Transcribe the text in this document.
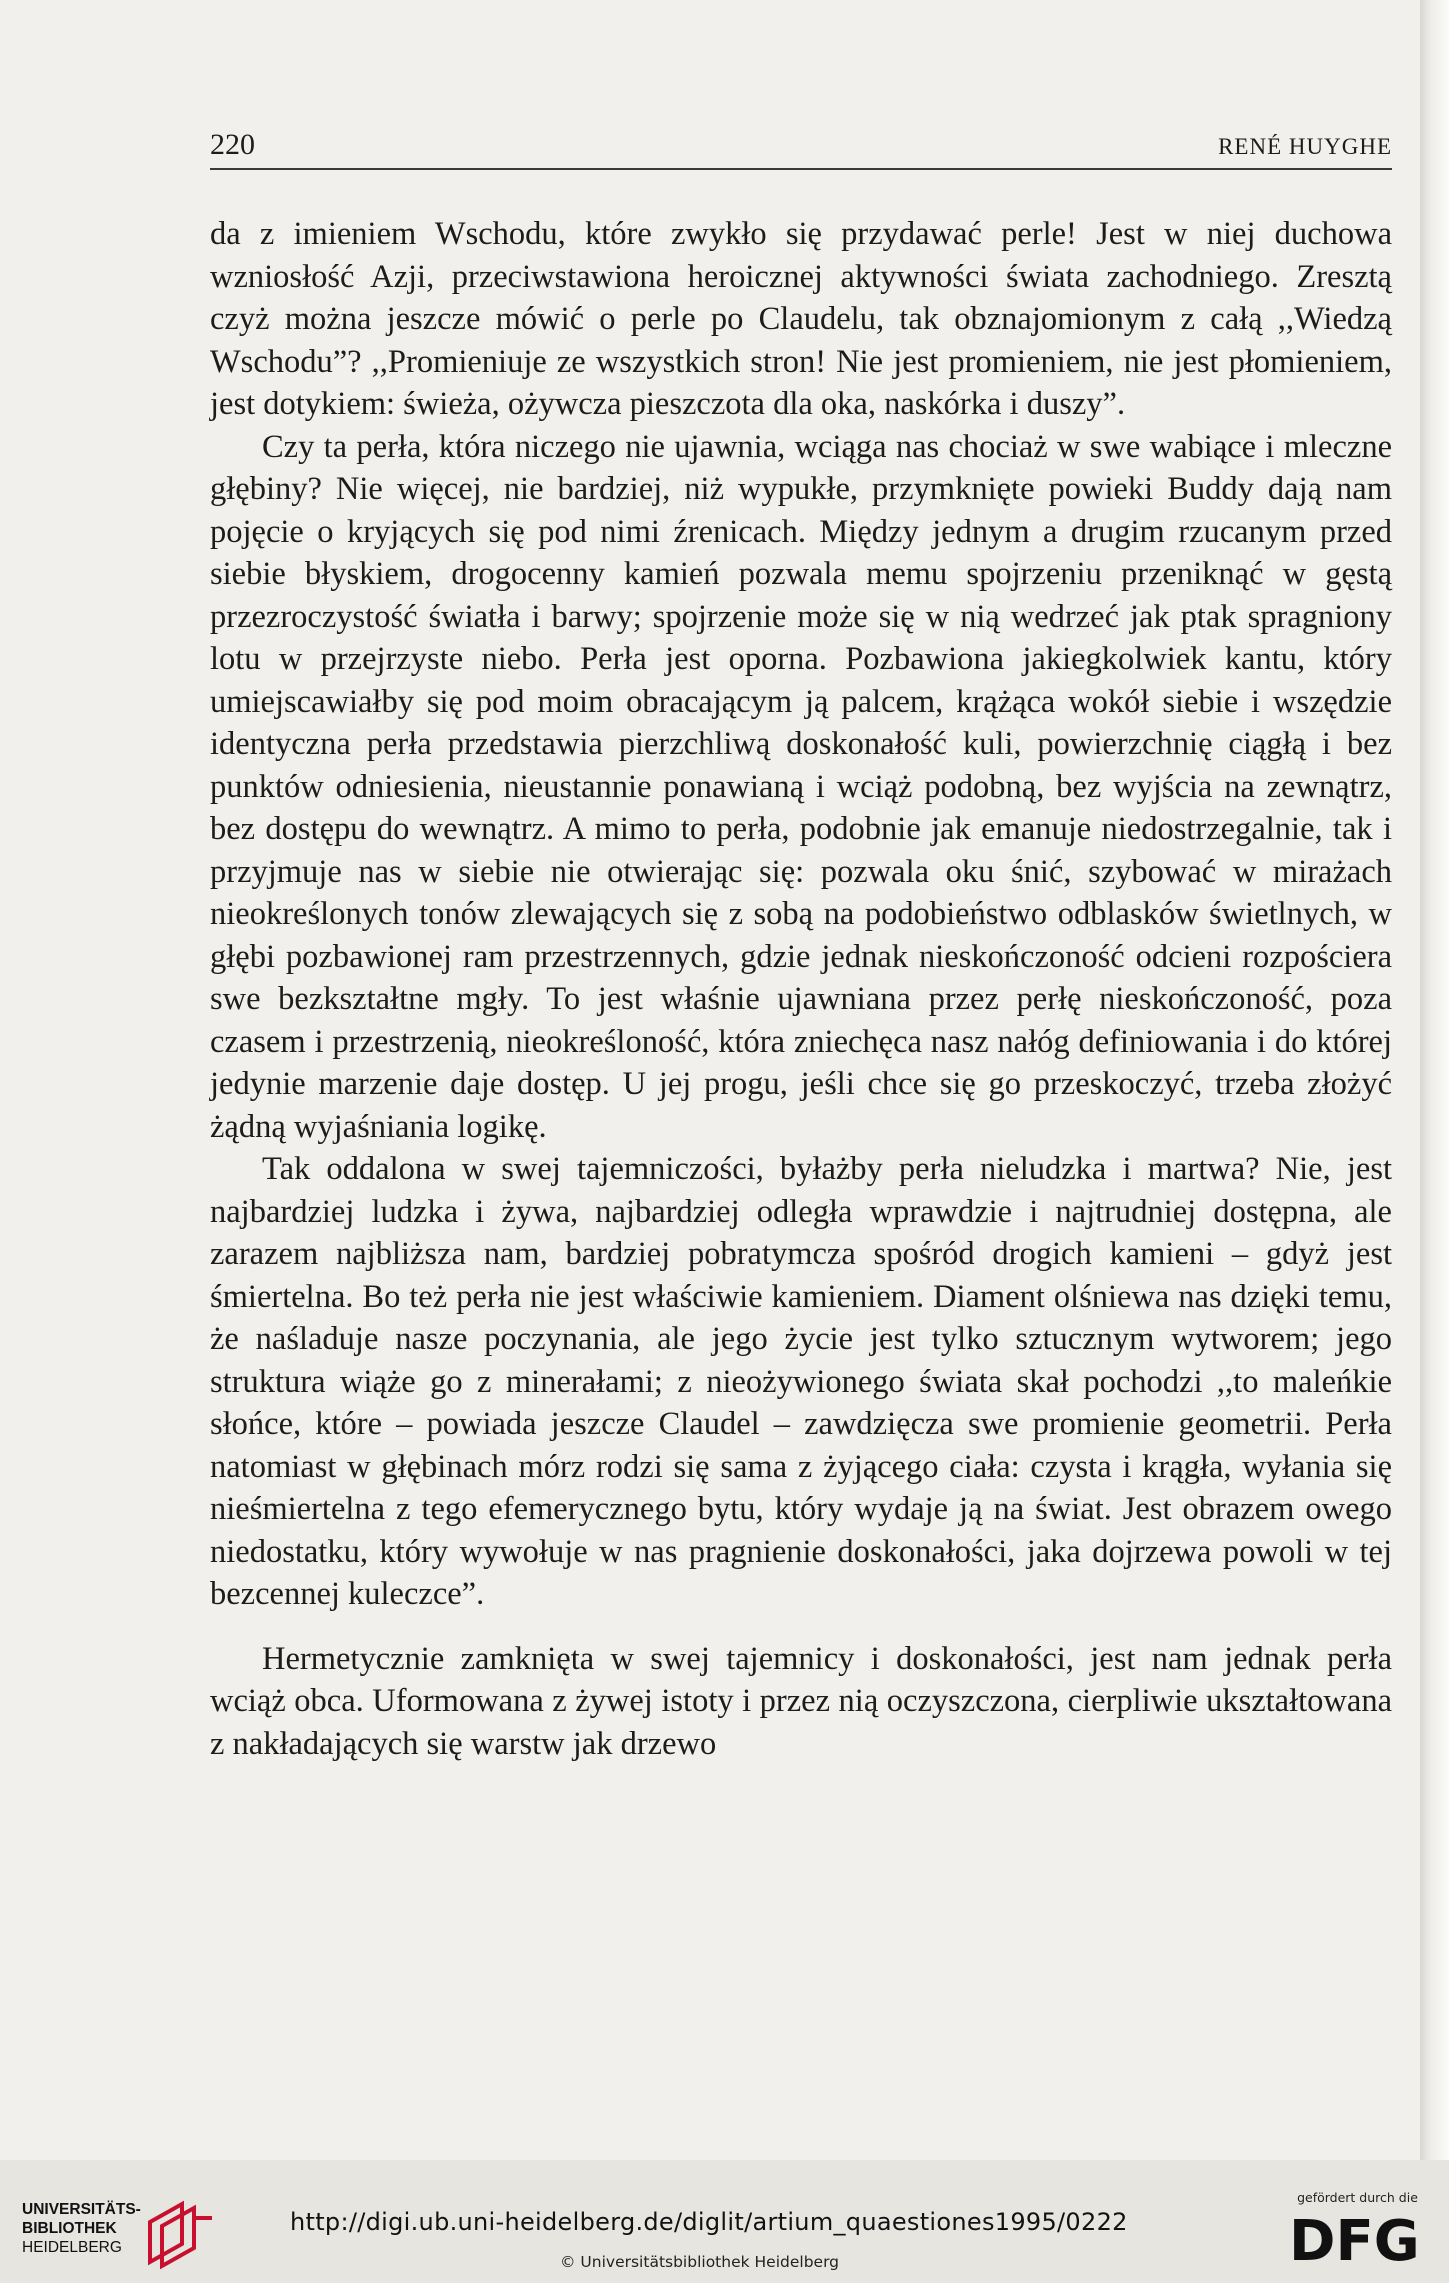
220	RENÉ HUYGHE

da z imieniem Wschodu, które zwykło się przydawać perle! Jest w niej duchowa wzniosłość Azji, przeciwstawiona heroicznej aktywności świata zachodniego. Zresztą czyż można jeszcze mówić o perle po Claudelu, tak obznajomionym z całą ,,Wiedzą Wschodu”? ,,Promieniuje ze wszystkich stron! Nie jest promieniem, nie jest płomieniem, jest dotykiem: świeża, ożywcza pieszczota dla oka, naskórka i duszy”.

Czy ta perła, która niczego nie ujawnia, wciąga nas chociaż w swe wabiące i mleczne głębiny? Nie więcej, nie bardziej, niż wypukłe, przymknięte powieki Buddy dają nam pojęcie o kryjących się pod nimi źrenicach. Między jednym a drugim rzucanym przed siebie błyskiem, drogocenny kamień pozwala memu spojrzeniu przeniknąć w gęstą przezroczystość światła i barwy; spojrzenie może się w nią wedrzeć jak ptak spragniony lotu w przejrzyste niebo. Perła jest oporna. Pozbawiona jakiegkolwiek kantu, który umiejscawiałby się pod moim obracającym ją palcem, krążąca wokół siebie i wszędzie identyczna perła przedstawia pierzchliwą doskonałość kuli, powierzchnię ciągłą i bez punktów odniesienia, nieustannie ponawianą i wciąż podobną, bez wyjścia na zewnątrz, bez dostępu do wewnątrz. A mimo to perła, podobnie jak emanuje niedostrzegalnie, tak i przyjmuje nas w siebie nie otwierając się: pozwala oku śnić, szybować w mirażach nieokreślonych tonów zlewających się z sobą na podobieństwo odblasków świetlnych, w głębi pozbawionej ram przestrzennych, gdzie jednak nieskończoność odcieni rozpościera swe bezkształtne mgły. To jest właśnie ujawniana przez perłę nieskończoność, poza czasem i przestrzenią, nieokreśloność, która zniechęca nasz nałóg definiowania i do której jedynie marzenie daje dostęp. U jej progu, jeśli chce się go przeskoczyć, trzeba złożyć żądną wyjaśniania logikę.

Tak oddalona w swej tajemniczości, byłażby perła nieludzka i martwa? Nie, jest najbardziej ludzka i żywa, najbardziej odległa wprawdzie i najtrudniej dostępna, ale zarazem najbliższa nam, bardziej pobratymcza spośród drogich kamieni – gdyż jest śmiertelna. Bo też perła nie jest właściwie kamieniem. Diament olśniewa nas dzięki temu, że naśladuje nasze poczynania, ale jego życie jest tylko sztucznym wytworem; jego struktura wiąże go z minerałami; z nieożywionego świata skał pochodzi ,,to maleńkie słońce, które – powiada jeszcze Claudel – zawdzięcza swe promienie geometrii. Perła natomiast w głębinach mórz rodzi się sama z żyjącego ciała: czysta i krągła, wyłania się nieśmiertelna z tego efemerycznego bytu, który wydaje ją na świat. Jest obrazem owego niedostatku, który wywołuje w nas pragnienie doskonałości, jaka dojrzewa powoli w tej bezcennej kuleczce”.

Hermetycznie zamknięta w swej tajemnicy i doskonałości, jest nam jednak perła wciąż obca. Uformowana z żywej istoty i przez nią oczyszczona, cierpliwie ukształtowana z nakładających się warstw jak drzewo

UNIVERSITÄTS-
BIBLIOTHEK
HEIDELBERG
http://digi.ub.uni-heidelberg.de/diglit/artium_quaestiones1995/0222
© Universitätsbibliothek Heidelberg
gefördert durch die
DFG
